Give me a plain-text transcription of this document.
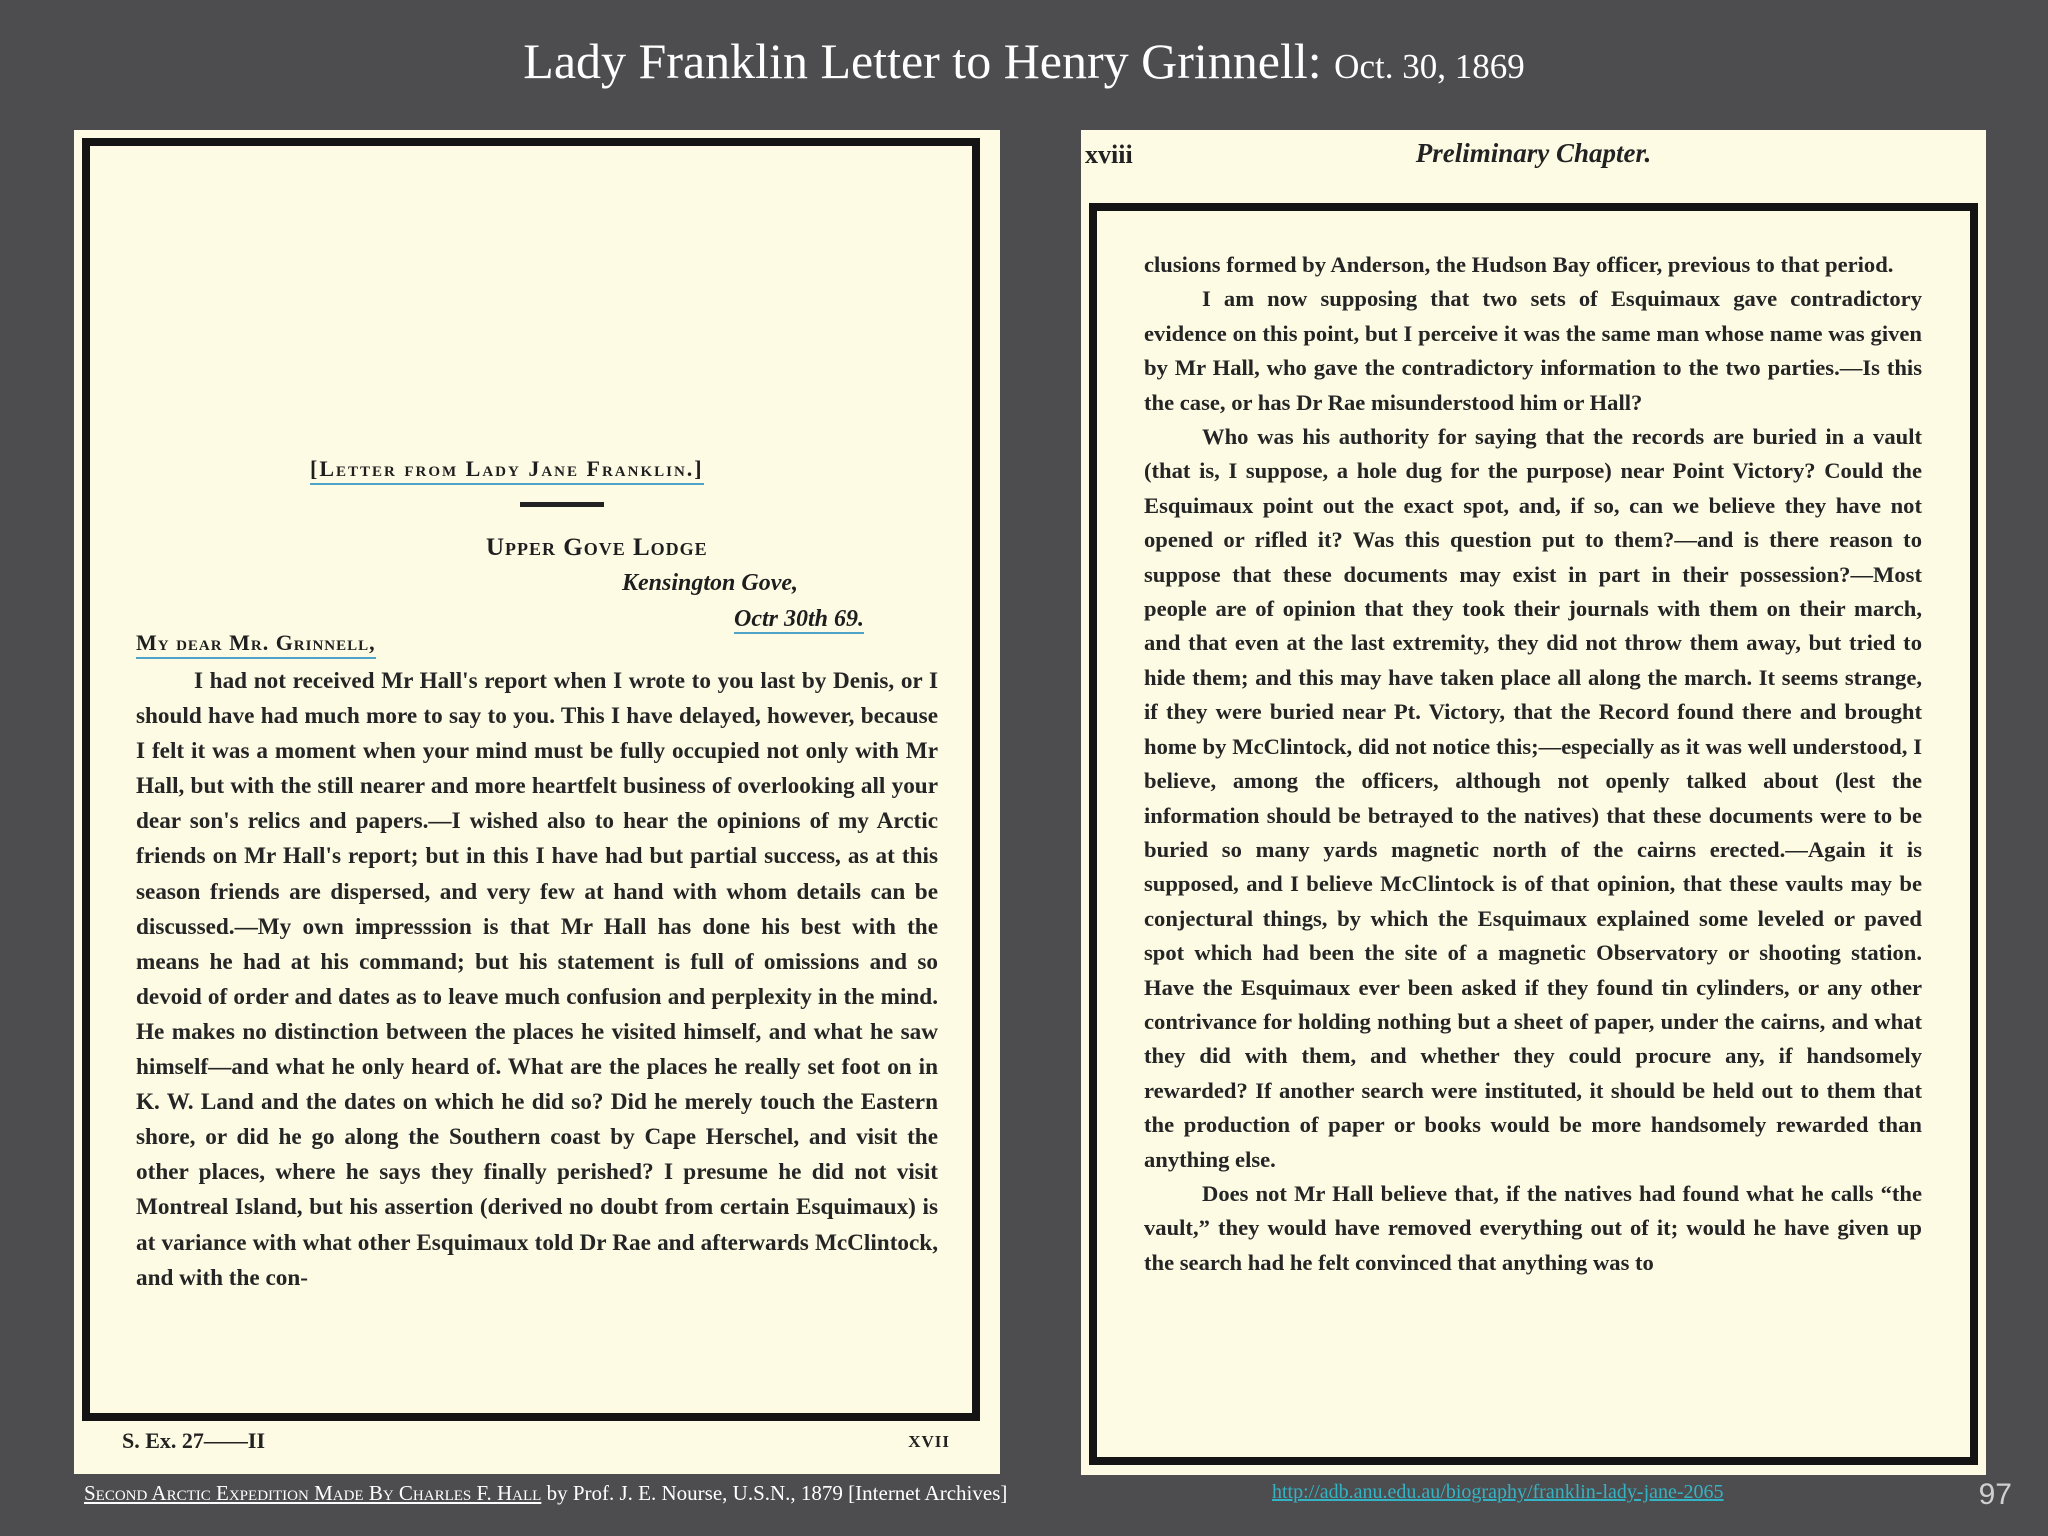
Lady Franklin Letter to Henry Grinnell: Oct. 30, 1869
[Letter from Lady Jane Franklin.]
Upper Gove Lodge
Kensington Gove,
Octr 30th 69.
My dear Mr. Grinnell,

I had not received Mr Hall's report when I wrote to you last by Denis, or I should have had much more to say to you. This I have delayed, however, because I felt it was a moment when your mind must be fully occupied not only with Mr Hall, but with the still nearer and more heartfelt business of overlooking all your dear son's relics and papers.—I wished also to hear the opinions of my Arctic friends on Mr Hall's report; but in this I have had but partial success, as at this season friends are dispersed, and very few at hand with whom details can be discussed.—My own impresssion is that Mr Hall has done his best with the means he had at his command; but his statement is full of omissions and so devoid of order and dates as to leave much confusion and perplexity in the mind. He makes no distinction between the places he visited himself, and what he saw himself—and what he only heard of. What are the places he really set foot on in K. W. Land and the dates on which he did so? Did he merely touch the Eastern shore, or did he go along the Southern coast by Cape Herschel, and visit the other places, where he says they finally perished? I presume he did not visit Montreal Island, but his assertion (derived no doubt from certain Esquimaux) is at variance with what other Esquimaux told Dr Rae and afterwards McClintock, and with the con-

S. Ex. 27——II	XVII
xviii	Preliminary Chapter.

clusions formed by Anderson, the Hudson Bay officer, previous to that period.

I am now supposing that two sets of Esquimaux gave contradictory evidence on this point, but I perceive it was the same man whose name was given by Mr Hall, who gave the contradictory information to the two parties.—Is this the case, or has Dr Rae misunderstood him or Hall?

Who was his authority for saying that the records are buried in a vault (that is, I suppose, a hole dug for the purpose) near Point Victory? Could the Esquimaux point out the exact spot, and, if so, can we believe they have not opened or rifled it? Was this question put to them?—and is there reason to suppose that these documents may exist in part in their possession?—Most people are of opinion that they took their journals with them on their march, and that even at the last extremity, they did not throw them away, but tried to hide them; and this may have taken place all along the march. It seems strange, if they were buried near Pt. Victory, that the Record found there and brought home by McClintock, did not notice this;—especially as it was well understood, I believe, among the officers, although not openly talked about (lest the information should be betrayed to the natives) that these documents were to be buried so many yards magnetic north of the cairns erected.—Again it is supposed, and I believe McClintock is of that opinion, that these vaults may be conjectural things, by which the Esquimaux explained some leveled or paved spot which had been the site of a magnetic Observatory or shooting station. Have the Esquimaux ever been asked if they found tin cylinders, or any other contrivance for holding nothing but a sheet of paper, under the cairns, and what they did with them, and whether they could procure any, if handsomely rewarded? If another search were instituted, it should be held out to them that the production of paper or books would be more handsomely rewarded than anything else.

Does not Mr Hall believe that, if the natives had found what he calls “the vault,” they would have removed everything out of it; would he have given up the search had he felt convinced that anything was to

Second Arctic Expedition Made By Charles F. Hall by Prof. J. E. Nourse, U.S.N., 1879 [Internet Archives]	http://adb.anu.edu.au/biography/franklin-lady-jane-2065	97
